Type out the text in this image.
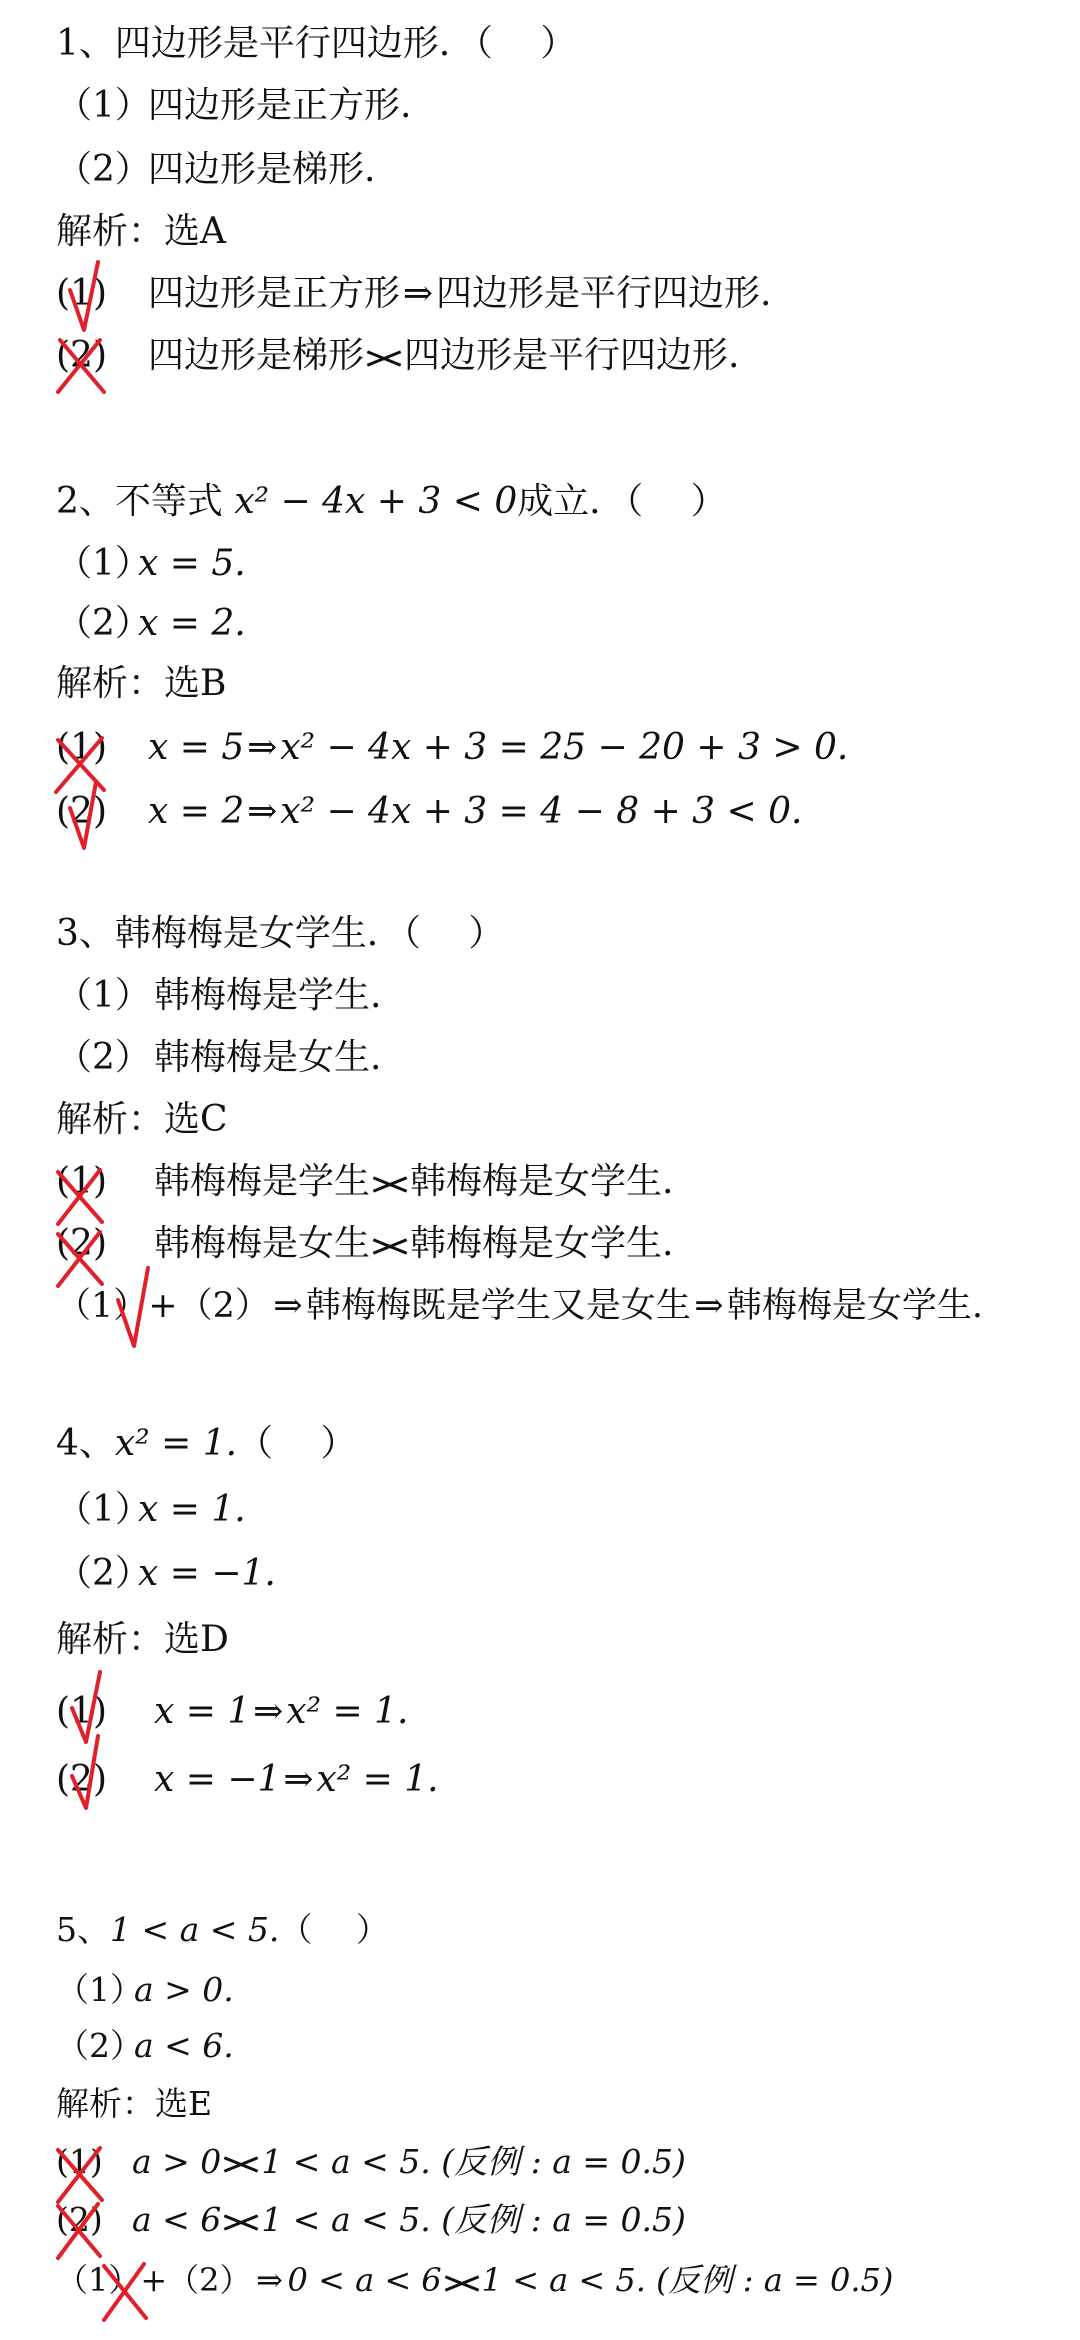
1、四边形是平行四边形．（　 ）
（1）四边形是正方形.
（2）四边形是梯形.
解析：选A
(1) 四边形是正方形⇒四边形是平行四边形.
(2) 四边形是梯形 四边形是平行四边形.
2、不等式 x² − 4x + 3 < 0成立．（　 ）
（1）x = 5.
（2）x = 2.
解析：选B
(1) x = 5⇒x² − 4x + 3 = 25 − 20 + 3 > 0.
(2) x = 2⇒x² − 4x + 3 = 4 − 8 + 3 < 0.
3、韩梅梅是女学生．（　 ）
（1）韩梅梅是学生.
（2）韩梅梅是女生.
解析：选C
(1) 韩梅梅是学生 韩梅梅是女学生.
(2) 韩梅梅是女生 韩梅梅是女学生.
（1）+（2）⇒韩梅梅既是学生又是女生⇒韩梅梅是女学生.
4、x² = 1.（　 ）
（1）x = 1.
（2）x = −1.
解析：选D
(1) x = 1⇒x² = 1.
(2) x = −1⇒x² = 1.
5、1 < a < 5.（　 ）
（1）a > 0.
（2）a < 6.
解析：选E
(1) a > 0 1 < a < 5. (反例 : a = 0.5)
(2) a < 6 1 < a < 5. (反例 : a = 0.5)
（1）+（2） ⇒ 0 < a < 6 1 < a < 5. (反例 : a = 0.5)
